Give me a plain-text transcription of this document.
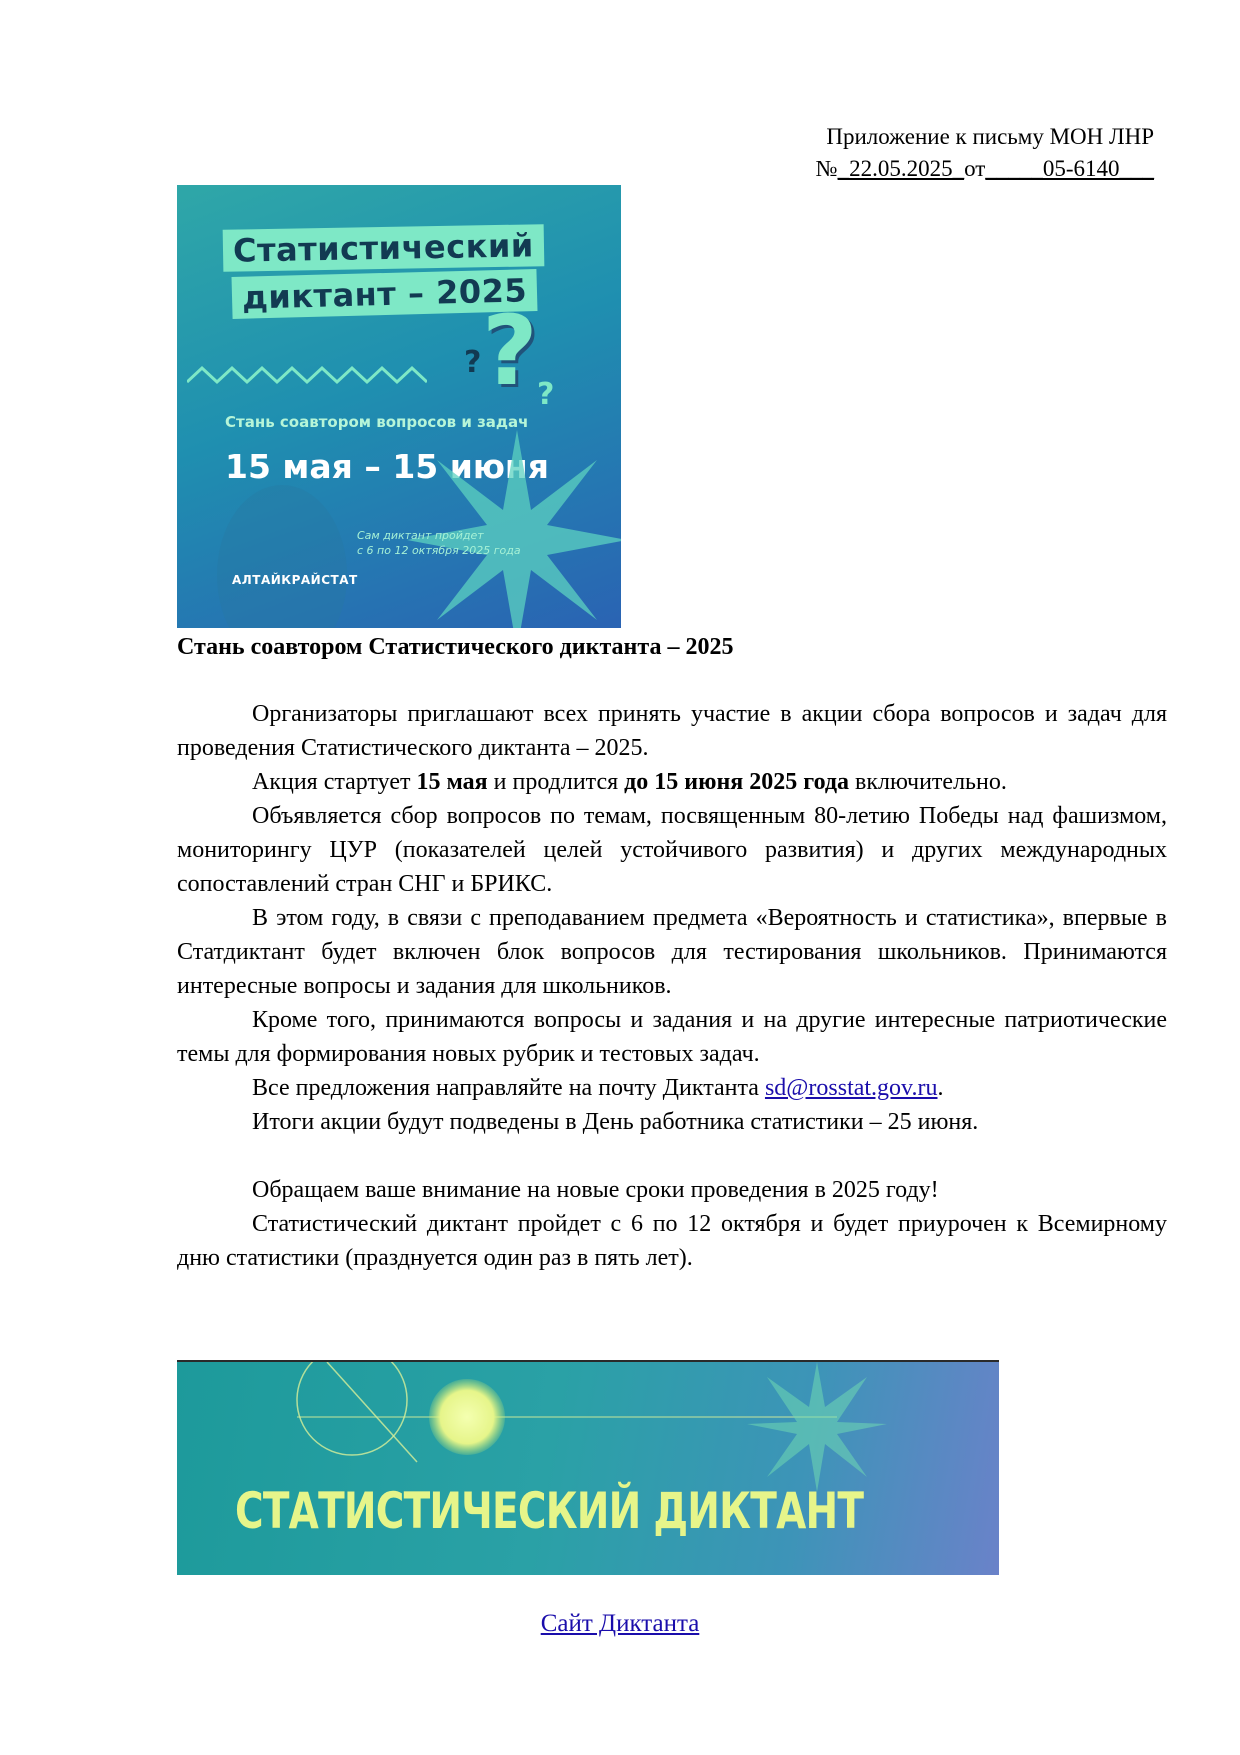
Приложение к письму МОН ЛНР
№_22.05.2025_от_____05-6140___
Статистический
диктант – 2025
? ? ?
Стань соавтором вопросов и задач
15 мая – 15 июня
Сам диктант пройдет
с 6 по 12 октября 2025 года
АЛТАЙКРАЙСТАТ
Стань соавтором Статистического диктанта – 2025

Организаторы приглашают всех принять участие в акции сбора вопросов и задач для проведения Статистического диктанта – 2025.

Акция стартует 15 мая и продлится до 15 июня 2025 года включительно.

Объявляется сбор вопросов по темам, посвященным 80-летию Победы над фашизмом, мониторингу ЦУР (показателей целей устойчивого развития) и других международных сопоставлений стран СНГ и БРИКС.

В этом году, в связи с преподаванием предмета «Вероятность и статистика», впервые в Статдиктант будет включен блок вопросов для тестирования школьников. Принимаются интересные вопросы и задания для школьников.

Кроме того, принимаются вопросы и задания и на другие интересные патриотические темы для формирования новых рубрик и тестовых задач.

Все предложения направляйте на почту Диктанта sd@rosstat.gov.ru.

Итоги акции будут подведены в День работника статистики – 25 июня.

Обращаем ваше внимание на новые сроки проведения в 2025 году!

Статистический диктант пройдет с 6 по 12 октября и будет приурочен к Всемирному дню статистики (празднуется один раз в пять лет).

СТАТИСТИЧЕСКИЙ ДИКТАНТ
Сайт Диктанта
